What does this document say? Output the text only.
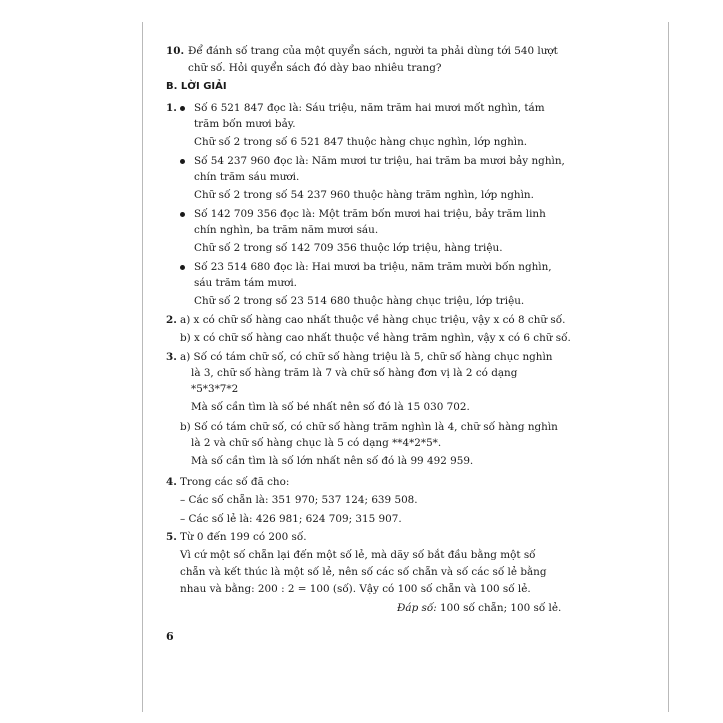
10. Để đánh số trang của một quyển sách, người ta phải dùng tới 540 lượt
chữ số. Hỏi quyển sách đó dày bao nhiêu trang?
B. LỜI GIẢI
1. Số 6 521 847 đọc là: Sáu triệu, năm trăm hai mươi mốt nghìn, tám
trăm bốn mươi bảy.
Chữ số 2 trong số 6 521 847 thuộc hàng chục nghìn, lớp nghìn.
Số 54 237 960 đọc là: Năm mươi tư triệu, hai trăm ba mươi bảy nghìn,
chín trăm sáu mươi.
Chữ số 2 trong số 54 237 960 thuộc hàng trăm nghìn, lớp nghìn.
Số 142 709 356 đọc là: Một trăm bốn mươi hai triệu, bảy trăm linh
chín nghìn, ba trăm năm mươi sáu.
Chữ số 2 trong số 142 709 356 thuộc lớp triệu, hàng triệu.
Số 23 514 680 đọc là: Hai mươi ba triệu, năm trăm mười bốn nghìn,
sáu trăm tám mươi.
Chữ số 2 trong số 23 514 680 thuộc hàng chục triệu, lớp triệu.
2. a) x có chữ số hàng cao nhất thuộc về hàng chục triệu, vậy x có 8 chữ số.
b) x có chữ số hàng cao nhất thuộc về hàng trăm nghìn, vậy x có 6 chữ số.
3. a) Số có tám chữ số, có chữ số hàng triệu là 5, chữ số hàng chục nghìn
là 3, chữ số hàng trăm là 7 và chữ số hàng đơn vị là 2 có dạng
*5*3*7*2
Mà số cần tìm là số bé nhất nên số đó là 15 030 702.
b) Số có tám chữ số, có chữ số hàng trăm nghìn là 4, chữ số hàng nghìn
là 2 và chữ số hàng chục là 5 có dạng **4*2*5*.
Mà số cần tìm là số lớn nhất nên số đó là 99 492 959.
4. Trong các số đã cho:
– Các số chẵn là: 351 970; 537 124; 639 508.
– Các số lẻ là: 426 981; 624 709; 315 907.
5. Từ 0 đến 199 có 200 số.
Vì cứ một số chẵn lại đến một số lẻ, mà dãy số bắt đầu bằng một số
chẵn và kết thúc là một số lẻ, nên số các số chẵn và số các số lẻ bằng
nhau và bằng: 200 : 2 = 100 (số). Vậy có 100 số chẵn và 100 số lẻ.
Đáp số: 100 số chẵn; 100 số lẻ.
6
